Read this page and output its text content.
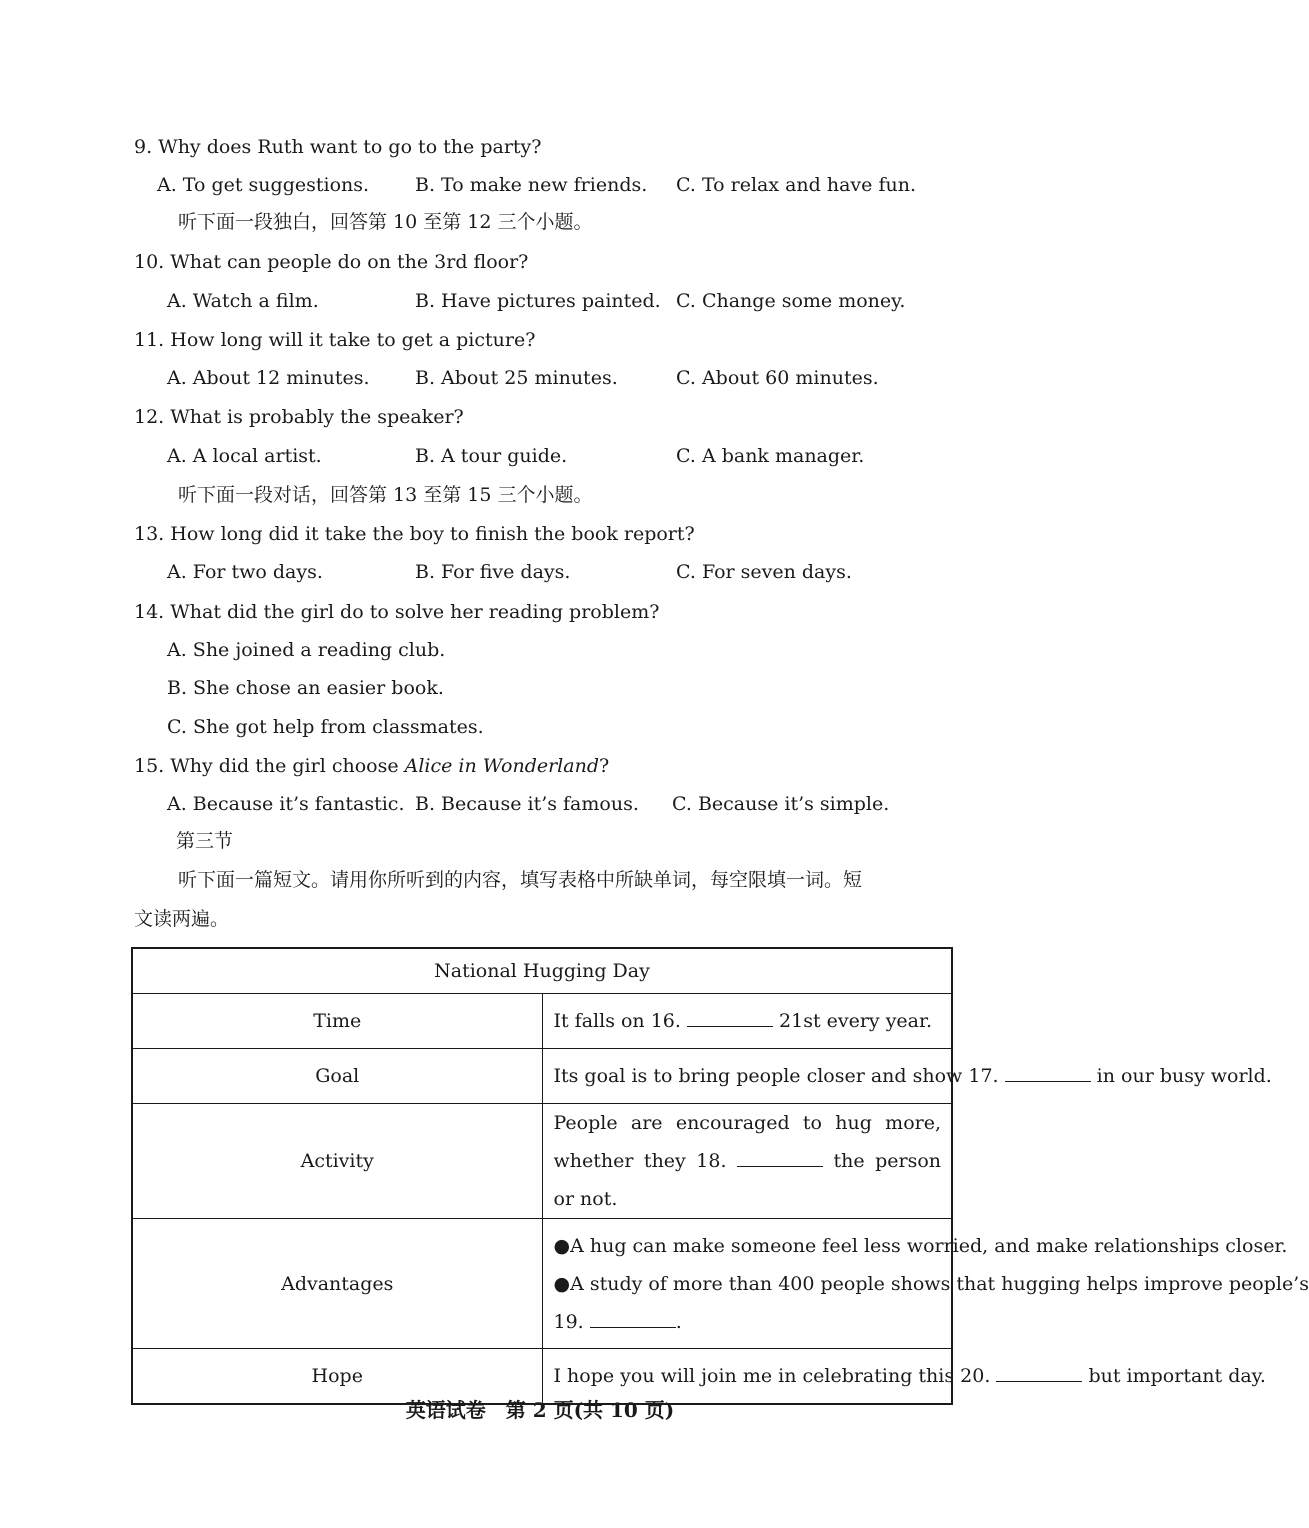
9. Why does Ruth want to go to the party?
A. To get suggestions. B. To make new friends. C. To relax and have fun.
听下面一段独白，回答第 10 至第 12 三个小题。
10. What can people do on the 3rd floor?
A. Watch a film.	B. Have pictures painted. C. Change some money.
11. How long will it take to get a picture?
A. About 12 minutes. B. About 25 minutes.	C. About 60 minutes.
12. What is probably the speaker?
A. A local artist.	B. A tour guide.	C. A bank manager.
听下面一段对话，回答第 13 至第 15 三个小题。
13. How long did it take the boy to finish the book report?
A. For two days.	B. For five days.	C. For seven days.
14. What did the girl do to solve her reading problem?
A. She joined a reading club.
B. She chose an easier book.
C. She got help from classmates.
15. Why did the girl choose Alice in Wonderland?
A. Because it’s fantastic. B. Because it’s famous. C. Because it’s simple.
第三节
听下面一篇短文。请用你所听到的内容，填写表格中所缺单词，每空限填一词。短
文读两遍。
National Hugging Day	
Time	It falls on 16. 21st every year.

Goal	Its goal is to bring people closer and show 17. in our busy world.

Activity	People are encouraged to hug more, whether they 18. the person
or not.

Advantages	●A hug can make someone feel less worried, and make relationships closer.
●A study of more than 400 people shows that hugging helps improve people’s
19. .

Hope	I hope you will join me in celebrating this 20. but important day.
英语试卷　第 2 页(共 10 页)
